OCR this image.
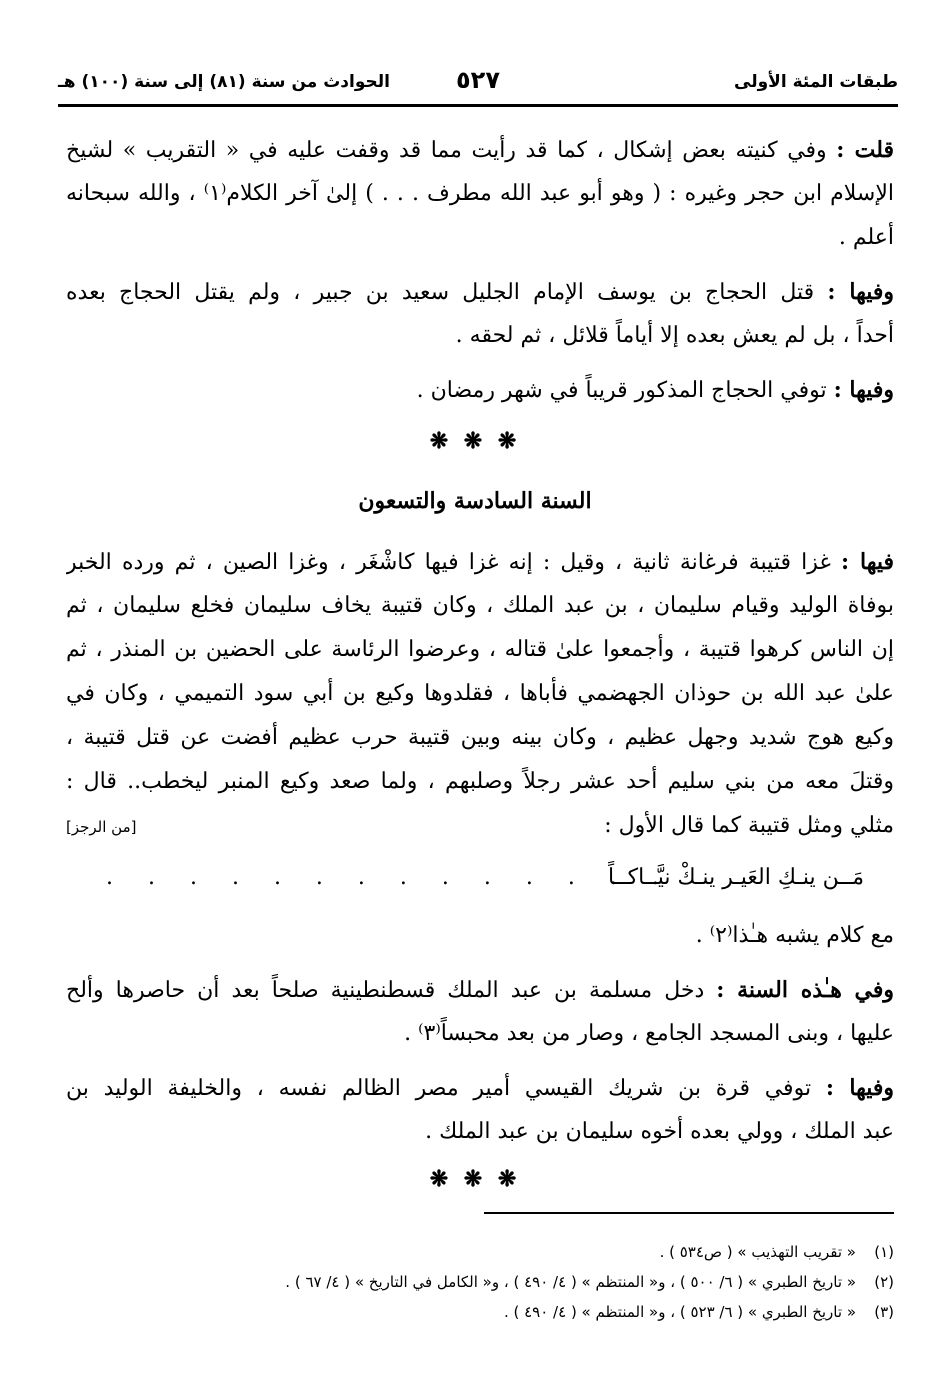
طبقات المئة الأولى
٥٢٧
الحوادث من سنة (٨١) إلى سنة (١٠٠) هـ
قلت : وفي كنيته بعض إشكال ، كما قد رأيت مما قد وقفت عليه في « التقريب » لشيخ
الإسلام ابن حجر وغيره : ( وهو أبو عبد الله مطرف . . . ) إلىٰ آخر الكلام⁽١⁾ ، والله سبحانه
أعلم .
وفيها : قتل الحجاج بن يوسف الإمام الجليل سعيد بن جبير ، ولم يقتل الحجاج بعده
أحداً ، بل لم يعش بعده إلا أياماً قلائل ، ثم لحقه .
وفيها : توفي الحجاج المذكور قريباً في شهر رمضان .
❋ ❋ ❋
السنة السادسة والتسعون
فيها : غزا قتيبة فرغانة ثانية ، وقيل : إنه غزا فيها كاشْغَر ، وغزا الصين ، ثم ورده الخبر
بوفاة الوليد وقيام سليمان ، بن عبد الملك ، وكان قتيبة يخاف سليمان فخلع سليمان ، ثم
إن الناس كرهوا قتيبة ، وأجمعوا علىٰ قتاله ، وعرضوا الرئاسة على الحضين بن المنذر ، ثم
علىٰ عبد الله بن حوذان الجهضمي فأباها ، فقلدوها وكيع بن أبي سود التميمي ، وكان في
وكيع هوج شديد وجهل عظيم ، وكان بينه وبين قتيبة حرب عظيم أفضت عن قتل قتيبة ،
وقتلَ معه من بني سليم أحد عشر رجلاً وصلبهم ، ولما صعد وكيع المنبر ليخطب.. قال :
مثلي ومثل قتيبة كما قال الأول :
[من الرجز]
مَــن ينـكِ العَيـر ينـكْ نيَّــاكــاً
. . . . . . . . . . . . . .
مع كلام يشبه هـٰذا⁽٢⁾ .
وفي هـٰذه السنة : دخل مسلمة بن عبد الملك قسطنطينية صلحاً بعد أن حاصرها وألح
عليها ، وبنى المسجد الجامع ، وصار من بعد محبساً⁽٣⁾ .
وفيها : توفي قرة بن شريك القيسي أمير مصر الظالم نفسه ، والخليفة الوليد بن
عبد الملك ، وولي بعده أخوه سليمان بن عبد الملك .
❋ ❋ ❋
(١)« تقريب التهذيب » ( ص٥٣٤ ) .
(٢)« تاريخ الطبري » ( ٦/ ٥٠٠ ) ، و« المنتظم » ( ٤/ ٤٩٠ ) ، و« الكامل في التاريخ » ( ٤/ ٦٧ ) .
(٣)« تاريخ الطبري » ( ٦/ ٥٢٣ ) ، و« المنتظم » ( ٤/ ٤٩٠ ) .
